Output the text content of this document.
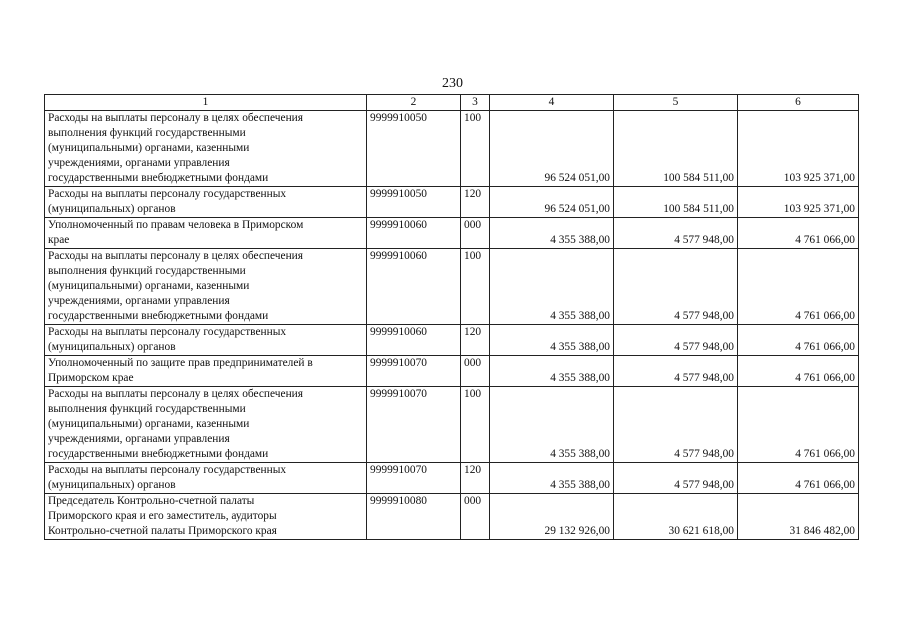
230
1	2	3	4	5	6
Расходы на выплаты персоналу в целях обеспечения
выполнения функций государственными
(муниципальными) органами, казенными
учреждениями, органами управления
государственными внебюджетными фондами	9999910050	100	96 524 051,00	100 584 511,00	103 925 371,00
Расходы на выплаты персоналу государственных
(муниципальных) органов	9999910050	120	96 524 051,00	100 584 511,00	103 925 371,00
Уполномоченный по правам человека в Приморском
крае	9999910060	000	4 355 388,00	4 577 948,00	4 761 066,00
Расходы на выплаты персоналу в целях обеспечения
выполнения функций государственными
(муниципальными) органами, казенными
учреждениями, органами управления
государственными внебюджетными фондами	9999910060	100	4 355 388,00	4 577 948,00	4 761 066,00
Расходы на выплаты персоналу государственных
(муниципальных) органов	9999910060	120	4 355 388,00	4 577 948,00	4 761 066,00
Уполномоченный по защите прав предпринимателей в
Приморском крае	9999910070	000	4 355 388,00	4 577 948,00	4 761 066,00
Расходы на выплаты персоналу в целях обеспечения
выполнения функций государственными
(муниципальными) органами, казенными
учреждениями, органами управления
государственными внебюджетными фондами	9999910070	100	4 355 388,00	4 577 948,00	4 761 066,00
Расходы на выплаты персоналу государственных
(муниципальных) органов	9999910070	120	4 355 388,00	4 577 948,00	4 761 066,00
Председатель Контрольно-счетной палаты
Приморского края и его заместитель, аудиторы
Контрольно-счетной палаты Приморского края	9999910080	000	29 132 926,00	30 621 618,00	31 846 482,00
